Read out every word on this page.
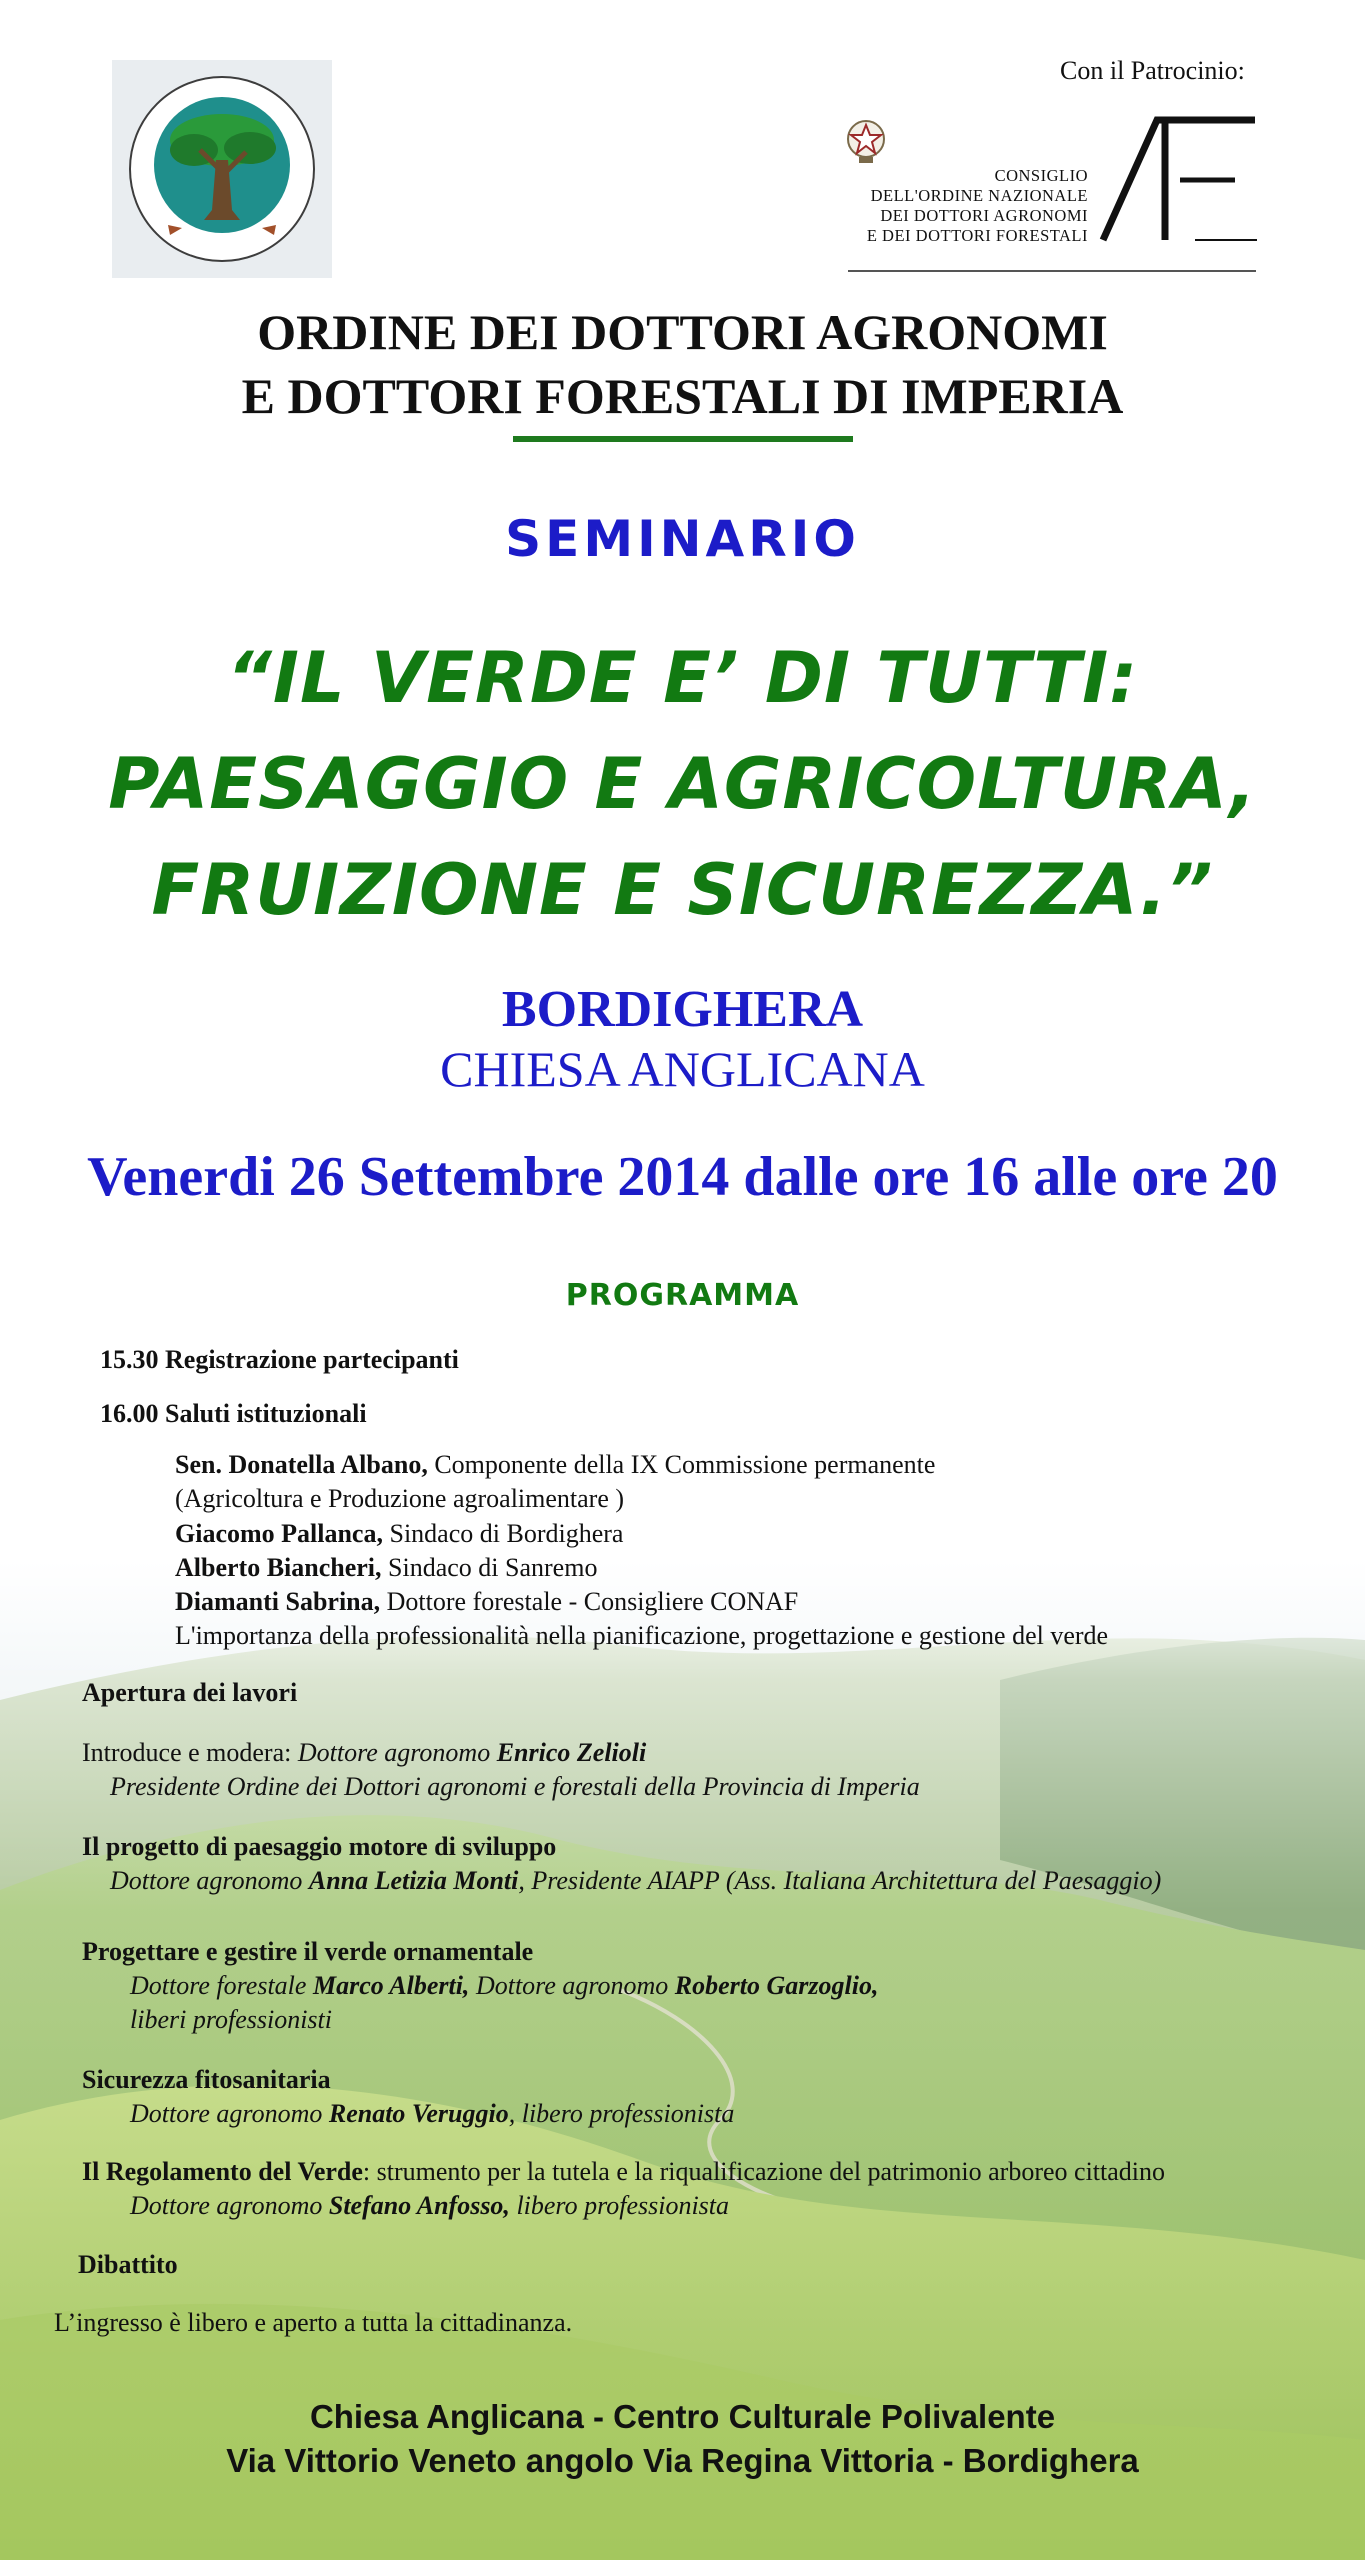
Con il Patrocinio:
CONSIGLIO
DELL'ORDINE NAZIONALE
DEI DOTTORI AGRONOMI
E DEI DOTTORI FORESTALI
ORDINE DEI DOTTORI AGRONOMI
E DOTTORI FORESTALI DI IMPERIA
SEMINARIO
“IL VERDE E’ DI TUTTI:
PAESAGGIO E AGRICOLTURA,
FRUIZIONE E SICUREZZA.”
BORDIGHERA
CHIESA ANGLICANA
Venerdi 26 Settembre 2014 dalle ore 16 alle ore 20
PROGRAMMA
15.30 Registrazione partecipanti
16.00 Saluti istituzionali
Sen. Donatella Albano, Componente della IX Commissione permanente
(Agricoltura e Produzione agroalimentare )
Giacomo Pallanca, Sindaco di Bordighera
Alberto Biancheri, Sindaco di Sanremo
Diamanti Sabrina, Dottore forestale - Consigliere CONAF
L'importanza della professionalità nella pianificazione, progettazione e gestione del verde
Apertura dei lavori
Introduce e modera: Dottore agronomo Enrico Zelioli
Presidente Ordine dei Dottori agronomi e forestali della Provincia di Imperia
Il progetto di paesaggio motore di sviluppo
Dottore agronomo Anna Letizia Monti, Presidente AIAPP (Ass. Italiana Architettura del Paesaggio)
Progettare e gestire il verde ornamentale
Dottore forestale Marco Alberti, Dottore agronomo Roberto Garzoglio,
liberi professionisti
Sicurezza fitosanitaria
Dottore agronomo Renato Veruggio, libero professionista
Il Regolamento del Verde: strumento per la tutela e la riqualificazione del patrimonio arboreo cittadino
Dottore agronomo Stefano Anfosso, libero professionista
Dibattito
L’ingresso è libero e aperto a tutta la cittadinanza.
Chiesa Anglicana - Centro Culturale Polivalente
Via Vittorio Veneto angolo Via Regina Vittoria - Bordighera
